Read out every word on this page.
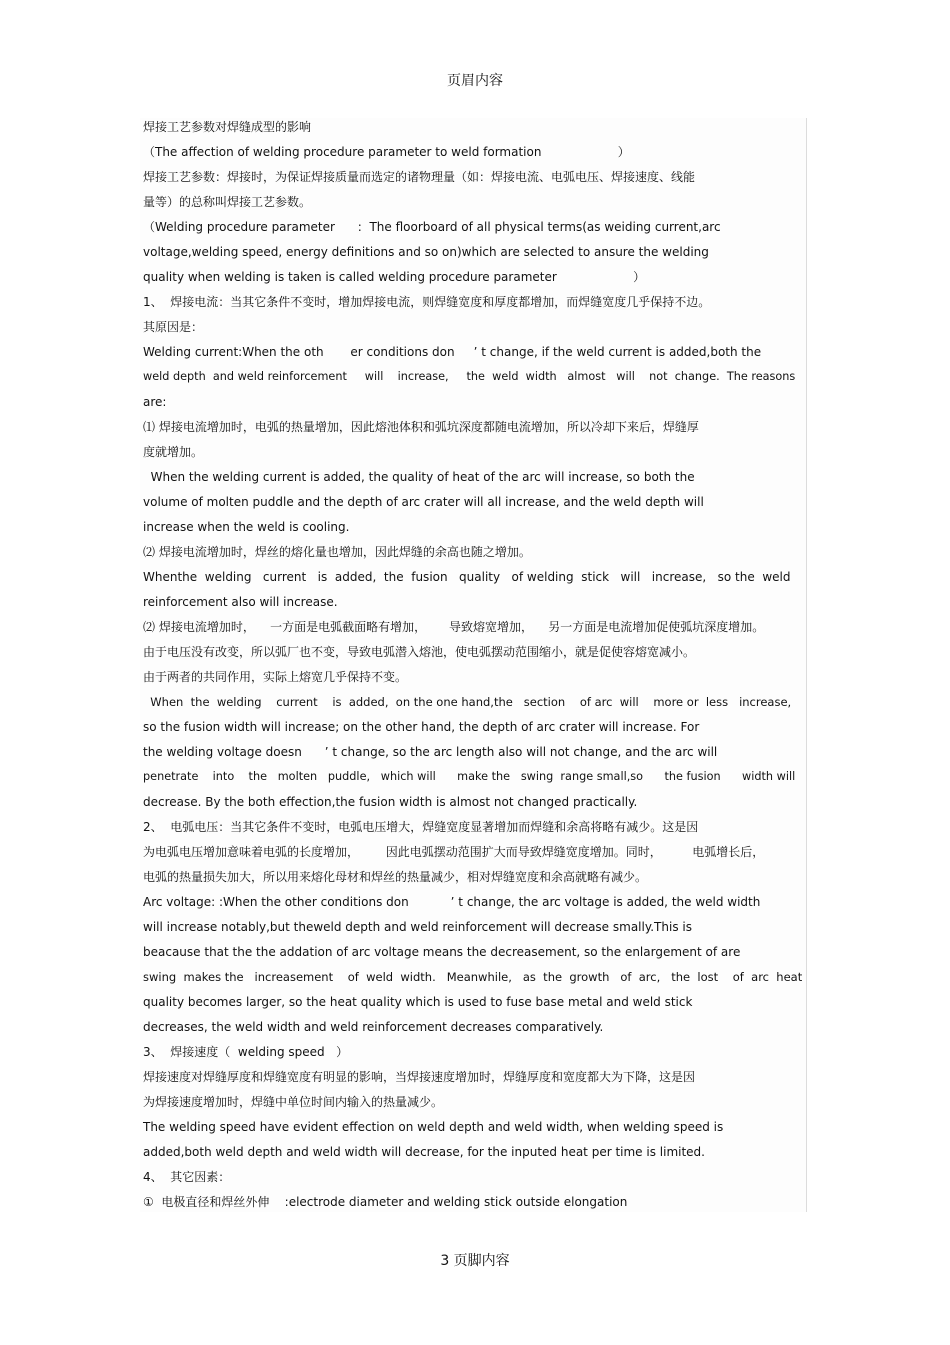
页眉内容
焊接工艺参数对焊缝成型的影响
（The affection of welding procedure parameter to weld formation                    ）
焊接工艺参数：焊接时，为保证焊接质量而选定的诸物理量（如：焊接电流、电弧电压、焊接速度、线能
量等）的总称叫焊接工艺参数。
（Welding procedure parameter      :  The floorboard of all physical terms(as weiding current,arc
voltage,welding speed, energy definitions and so on)which are selected to ansure the welding
quality when welding is taken is called welding procedure parameter                    ）
1、  焊接电流：当其它条件不变时，增加焊接电流，则焊缝宽度和厚度都增加，而焊缝宽度几乎保持不边。
其原因是：
Welding current:When the oth       er conditions don     ’ t change, if the weld current is added,both the
weld depth  and weld reinforcement     will    increase,     the  weld  width   almost   will    not  change.  The reasons
are:
⑴ 焊接电流增加时，电弧的热量增加，因此熔池体积和弧坑深度都随电流增加，所以冷却下来后，焊缝厚
度就增加。
When the welding current is added, the quality of heat of the arc will increase, so both the
volume of molten puddle and the depth of arc crater will all increase, and the weld depth will
increase when the weld is cooling.
⑵ 焊接电流增加时，焊丝的熔化量也增加，因此焊缝的余高也随之增加。
Whenthe  welding   current   is  added,  the  fusion   quality   of welding  stick   will   increase,   so the  weld
reinforcement also will increase.
⑵ 焊接电流增加时，    一方面是电弧截面略有增加，      导致熔宽增加，    另一方面是电流增加促使弧坑深度增加。
由于电压没有改变，所以弧厂也不变，导致电弧潜入熔池，使电弧摆动范围缩小，就是促使容熔宽减小。
由于两者的共同作用，实际上熔宽几乎保持不变。
When  the  welding    current    is  added,  on the one hand,the   section    of arc  will    more or  less   increase,
so the fusion width will increase; on the other hand, the depth of arc crater will increase. For
the welding voltage doesn      ’ t change, so the arc length also will not change, and the arc will
penetrate    into    the   molten   puddle,   which will      make the   swing  range small,so      the fusion      width will
decrease. By the both effection,the fusion width is almost not changed practically.
2、  电弧电压：当其它条件不变时，电弧电压增大，焊缝宽度显著增加而焊缝和余高将略有减少。这是因
为电弧电压增加意味着电弧的长度增加，       因此电弧摆动范围扩大而导致焊缝宽度增加。同时，        电弧增长后，
电弧的热量损失加大，所以用来熔化母材和焊丝的热量减少，相对焊缝宽度和余高就略有减少。
Arc voltage: :When the other conditions don           ’ t change, the arc voltage is added, the weld width
will increase notably,but theweld depth and weld reinforcement will decrease smally.This is
beacause that the the addation of arc voltage means the decreasement, so the enlargement of are
swing  makes the   increasement    of  weld  width.   Meanwhile,   as  the  growth   of  arc,   the  lost    of  arc  heat
quality becomes larger, so the heat quality which is used to fuse base metal and weld stick
decreases, the weld width and weld reinforcement decreases comparatively.
3、  焊接速度（  welding speed   ）
焊接速度对焊缝厚度和焊缝宽度有明显的影响，当焊接速度增加时，焊缝厚度和宽度都大为下降，这是因
为焊接速度增加时，焊缝中单位时间内输入的热量减少。
The welding speed have evident effection on weld depth and weld width, when welding speed is
added,both weld depth and weld width will decrease, for the inputed heat per time is limited.
4、  其它因素：
①  电极直径和焊丝外伸    :electrode diameter and welding stick outside elongation
3 页脚内容
